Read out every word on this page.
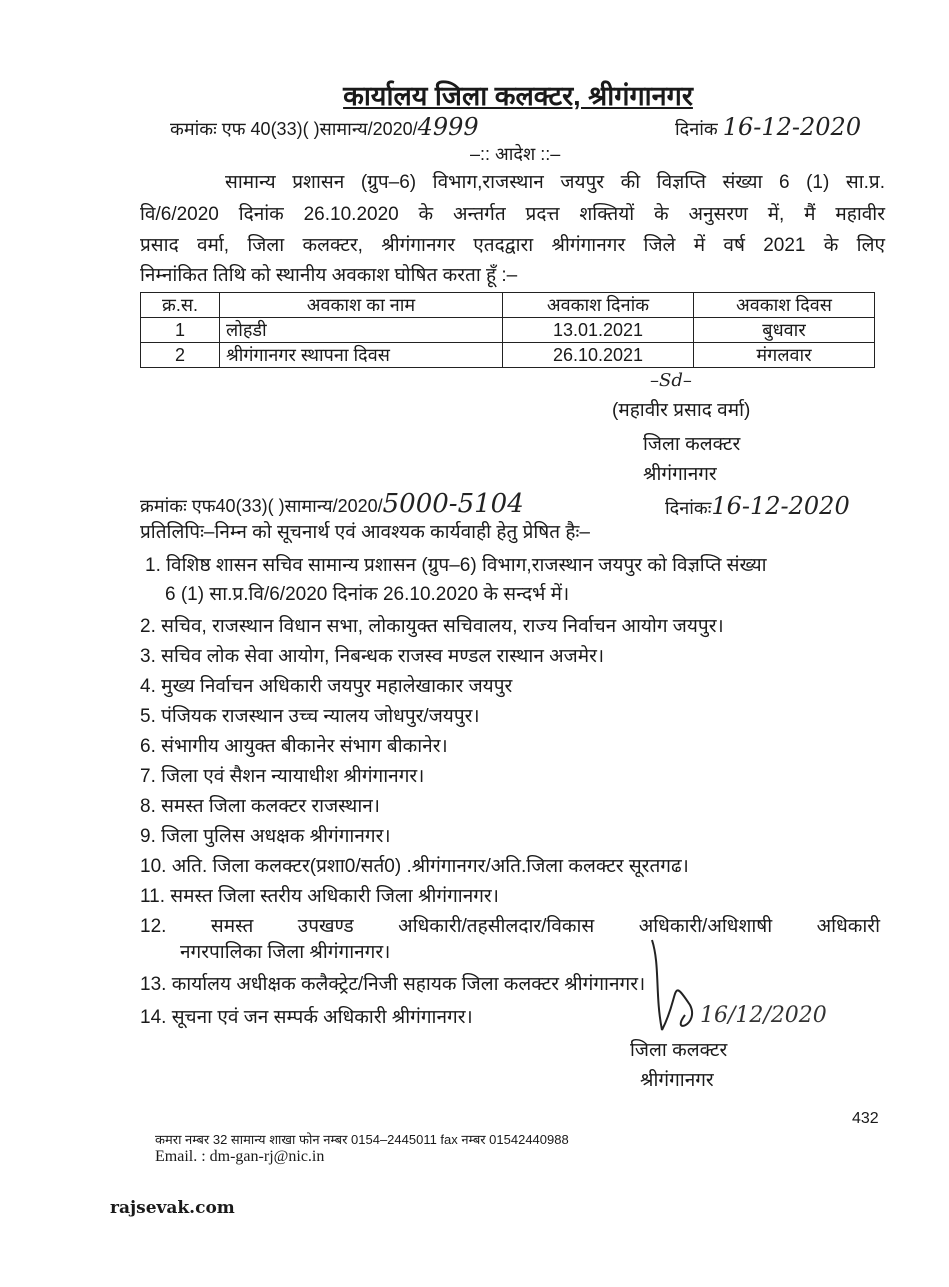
कार्यालय जिला कलक्टर, श्रीगंगानगर
कमांकः एफ 40(33)( )सामान्य/2020/4999	दिनांक 16-12-2020
–:: आदेश ::–
सामान्य प्रशासन (ग्रुप–6) विभाग,राजस्थान जयपुर की विज्ञप्ति संख्या 6 (1) सा.प्र.
वि/6/2020 दिनांक 26.10.2020 के अन्तर्गत प्रदत्त शक्तियों के अनुसरण में, मैं महावीर
प्रसाद वर्मा, जिला कलक्टर, श्रीगंगानगर एतदद्वारा श्रीगंगानगर जिले में वर्ष 2021 के लिए
निम्नांकित तिथि को स्थानीय अवकाश घोषित करता हूँ :–
क्र.स.	अवकाश का नाम	अवकाश दिनांक	अवकाश दिवस
1	लोहडी	13.01.2021	बुधवार
2	श्रीगंगानगर स्थापना दिवस	26.10.2021	मंगलवार
–Sd–
(महावीर प्रसाद वर्मा)
जिला कलक्टर
श्रीगंगानगर
क्रमांकः एफ40(33)( )सामान्य/2020/5000-5104	दिनांकः16-12-2020
प्रतिलिपिः–निम्न को सूचनार्थ एवं आवश्यक कार्यवाही हेतु प्रेषित हैः–
1. विशिष्ठ शासन सचिव सामान्य प्रशासन (ग्रुप–6) विभाग,राजस्थान जयपुर को विज्ञप्ति संख्या
6 (1) सा.प्र.वि/6/2020 दिनांक 26.10.2020 के सन्दर्भ में।
2. सचिव, राजस्थान विधान सभा, लोकायुक्त सचिवालय, राज्य निर्वाचन आयोग जयपुर।
3. सचिव लोक सेवा आयोग, निबन्धक राजस्व मण्डल रास्थान अजमेर।
4. मुख्य निर्वाचन अधिकारी जयपुर महालेखाकार जयपुर
5. पंजियक राजस्थान उच्च न्यालय जोधपुर/जयपुर।
6. संभागीय आयुक्त बीकानेर संभाग बीकानेर।
7. जिला एवं सैशन न्यायाधीश श्रीगंगानगर।
8. समस्त जिला कलक्टर राजस्थान।
9. जिला पुलिस अधक्षक श्रीगंगानगर।
10. अति. जिला कलक्टर(प्रशा0/सर्त0) .श्रीगंगानगर/अति.जिला कलक्टर सूरतगढ।
11. समस्त जिला स्तरीय अधिकारी जिला श्रीगंगानगर।
12. समस्त उपखण्ड अधिकारी/तहसीलदार/विकास अधिकारी/अधिशाषी अधिकारी
नगरपालिका जिला श्रीगंगानगर।
13. कार्यालय अधीक्षक कलैक्ट्रेट/निजी सहायक जिला कलक्टर श्रीगंगानगर।
14. सूचना एवं जन सम्पर्क अधिकारी श्रीगंगानगर।	16/12/2020
जिला कलक्टर
श्रीगंगानगर
432
कमरा नम्बर 32 सामान्य शाखा फोन नम्बर 0154–2445011 fax नम्बर 01542440988
Email. : dm-gan-rj@nic.in
rajsevak.com
